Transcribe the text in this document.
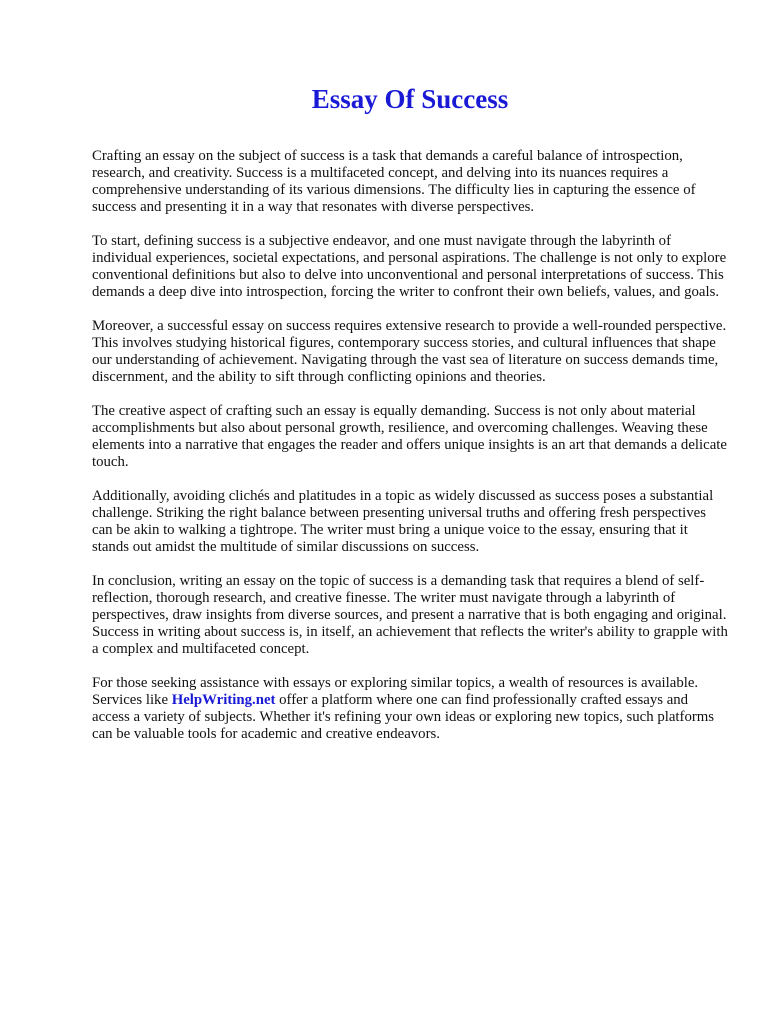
Essay Of Success

Crafting an essay on the subject of success is a task that demands a careful balance of introspection, research, and creativity. Success is a multifaceted concept, and delving into its nuances requires a comprehensive understanding of its various dimensions. The difficulty lies in capturing the essence of success and presenting it in a way that resonates with diverse perspectives.

To start, defining success is a subjective endeavor, and one must navigate through the labyrinth of individual experiences, societal expectations, and personal aspirations. The challenge is not only to explore conventional definitions but also to delve into unconventional and personal interpretations of success. This demands a deep dive into introspection, forcing the writer to confront their own beliefs, values, and goals.

Moreover, a successful essay on success requires extensive research to provide a well-rounded perspective. This involves studying historical figures, contemporary success stories, and cultural influences that shape our understanding of achievement. Navigating through the vast sea of literature on success demands time, discernment, and the ability to sift through conflicting opinions and theories.

The creative aspect of crafting such an essay is equally demanding. Success is not only about material accomplishments but also about personal growth, resilience, and overcoming challenges. Weaving these elements into a narrative that engages the reader and offers unique insights is an art that demands a delicate touch.

Additionally, avoiding clichés and platitudes in a topic as widely discussed as success poses a substantial challenge. Striking the right balance between presenting universal truths and offering fresh perspectives can be akin to walking a tightrope. The writer must bring a unique voice to the essay, ensuring that it stands out amidst the multitude of similar discussions on success.

In conclusion, writing an essay on the topic of success is a demanding task that requires a blend of self-reflection, thorough research, and creative finesse. The writer must navigate through a labyrinth of perspectives, draw insights from diverse sources, and present a narrative that is both engaging and original. Success in writing about success is, in itself, an achievement that reflects the writer's ability to grapple with a complex and multifaceted concept.

For those seeking assistance with essays or exploring similar topics, a wealth of resources is available. Services like HelpWriting.net offer a platform where one can find professionally crafted essays and access a variety of subjects. Whether it's refining your own ideas or exploring new topics, such platforms can be valuable tools for academic and creative endeavors.
